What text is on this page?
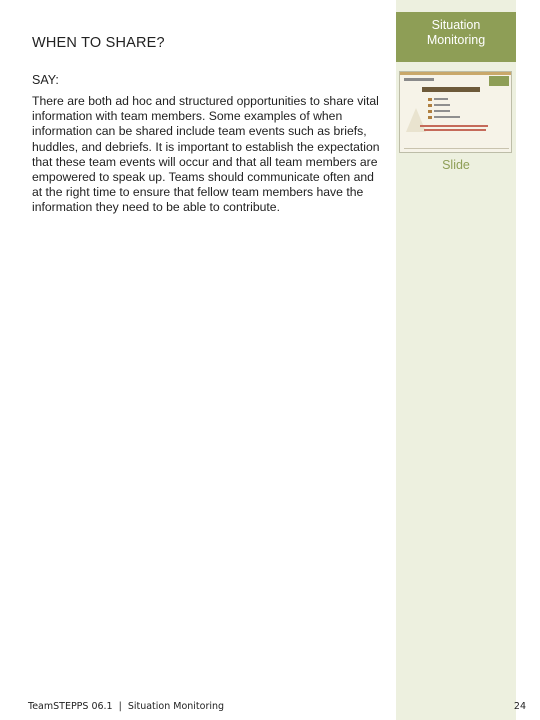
Situation
Monitoring
WHEN TO SHARE?
SAY:
There are both ad hoc and structured opportunities to share vital information with team members. Some examples of when information can be shared include team events such as briefs, huddles, and debriefs. It is important to establish the expectation that these team events will occur and that all team members are empowered to speak up. Teams should communicate often and at the right time to ensure that fellow team members have the information they need to be able to contribute.
Slide
TeamSTEPPS 06.1 | Situation Monitoring	24
